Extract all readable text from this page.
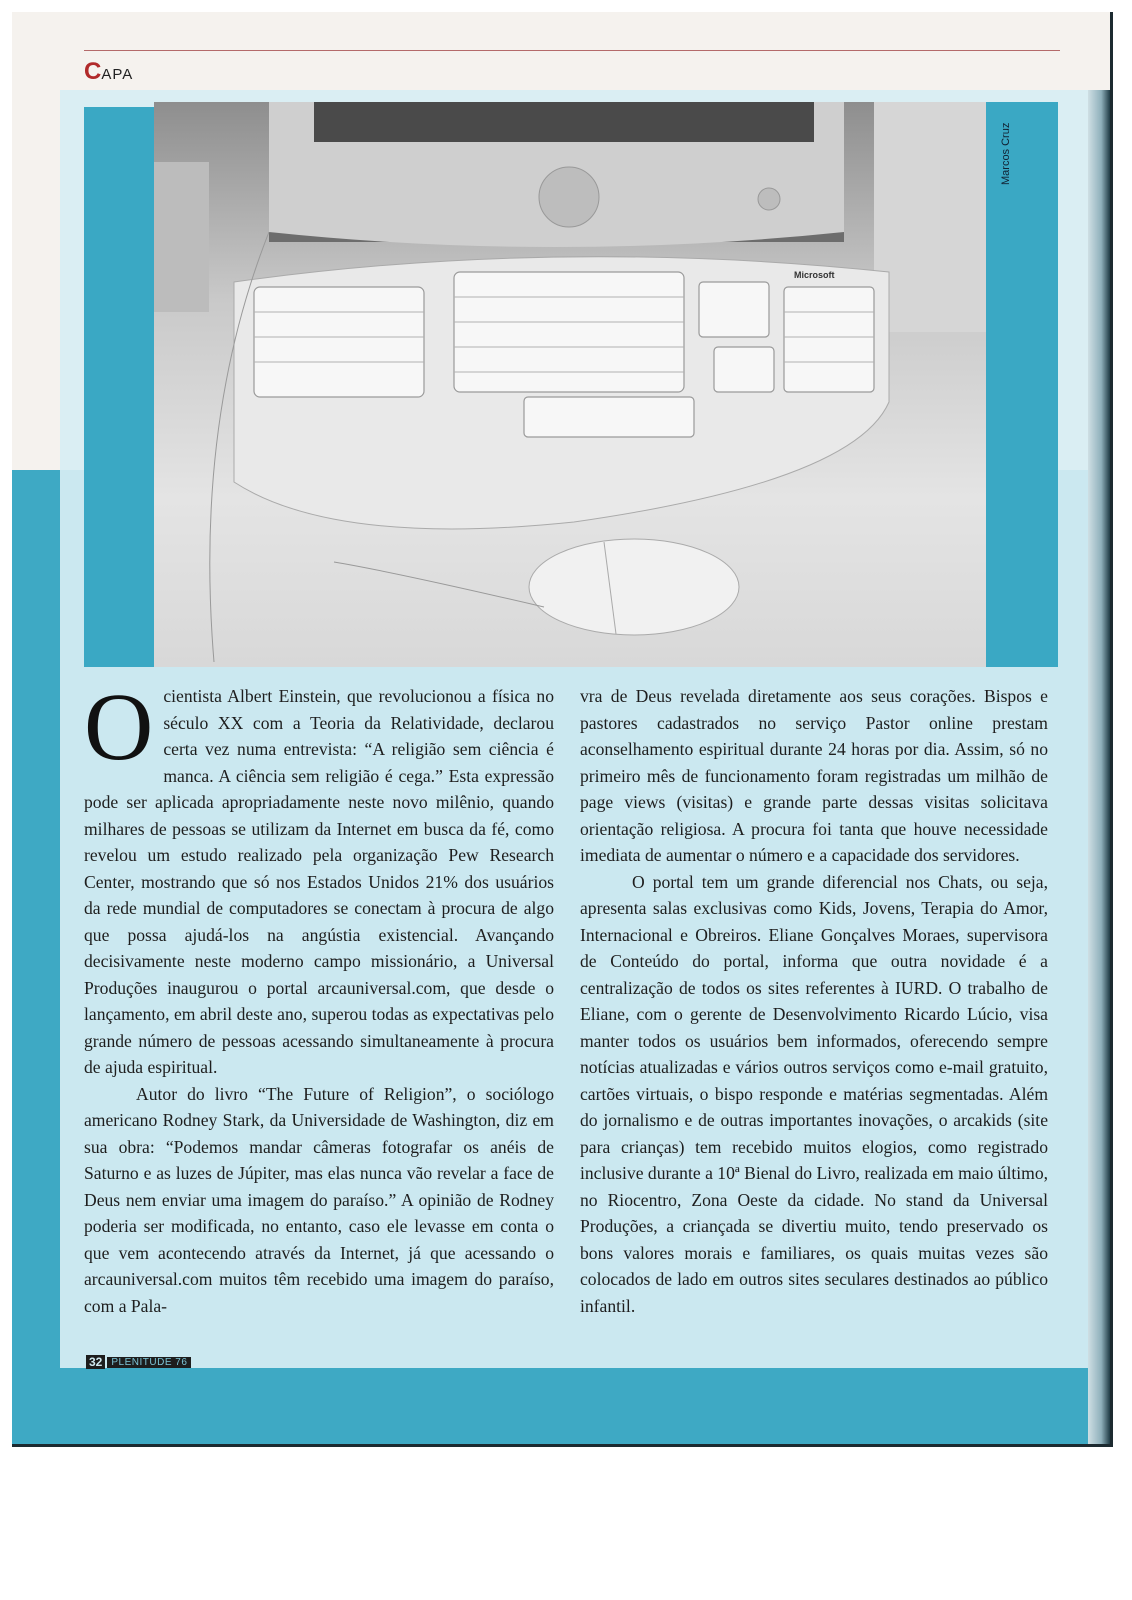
CAPA
Microsoft
Marcos Cruz

Ocientista Albert Einstein, que revolucionou a física no século XX com a Teoria da Relatividade, declarou certa vez numa entrevista: “A religião sem ciência é manca. A ciência sem religião é cega.” Esta expressão pode ser aplicada apropriadamente neste novo milênio, quando milhares de pessoas se utilizam da Internet em busca da fé, como revelou um estudo realizado pela organização Pew Research Center, mostrando que só nos Estados Unidos 21% dos usuários da rede mundial de computadores se conectam à procura de algo que possa ajudá-los na angústia existencial. Avançando decisivamente neste moderno campo missionário, a Universal Produções inaugurou o portal arcauniversal.com, que desde o lançamento, em abril deste ano, superou todas as expectativas pelo grande número de pessoas acessando simultaneamente à procura de ajuda espiritual.

Autor do livro “The Future of Religion”, o sociólogo americano Rodney Stark, da Universidade de Washington, diz em sua obra: “Podemos mandar câmeras fotografar os anéis de Saturno e as luzes de Júpiter, mas elas nunca vão revelar a face de Deus nem enviar uma imagem do paraíso.” A opinião de Rodney poderia ser modificada, no entanto, caso ele levasse em conta o que vem acontecendo através da Internet, já que acessando o arcauniversal.com muitos têm recebido uma imagem do paraíso, com a Pala-

vra de Deus revelada diretamente aos seus corações. Bispos e pastores cadastrados no serviço Pastor online prestam aconselhamento espiritual durante 24 horas por dia. Assim, só no primeiro mês de funcionamento foram registradas um milhão de page views (visitas) e grande parte dessas visitas solicitava orientação religiosa. A procura foi tanta que houve necessidade imediata de aumentar o número e a capacidade dos servidores.

O portal tem um grande diferencial nos Chats, ou seja, apresenta salas exclusivas como Kids, Jovens, Terapia do Amor, Internacional e Obreiros. Eliane Gonçalves Moraes, supervisora de Conteúdo do portal, informa que outra novidade é a centralização de todos os sites referentes à IURD. O trabalho de Eliane, com o gerente de Desenvolvimento Ricardo Lúcio, visa manter todos os usuários bem informados, oferecendo sempre notícias atualizadas e vários outros serviços como e-mail gratuito, cartões virtuais, o bispo responde e matérias segmentadas. Além do jornalismo e de outras importantes inovações, o arcakids (site para crianças) tem recebido muitos elogios, como registrado inclusive durante a 10ª Bienal do Livro, realizada em maio último, no Riocentro, Zona Oeste da cidade. No stand da Universal Produções, a criançada se divertiu muito, tendo preservado os bons valores morais e familiares, os quais muitas vezes são colocados de lado em outros sites seculares destinados ao público infantil.

32 PLENITUDE 76
